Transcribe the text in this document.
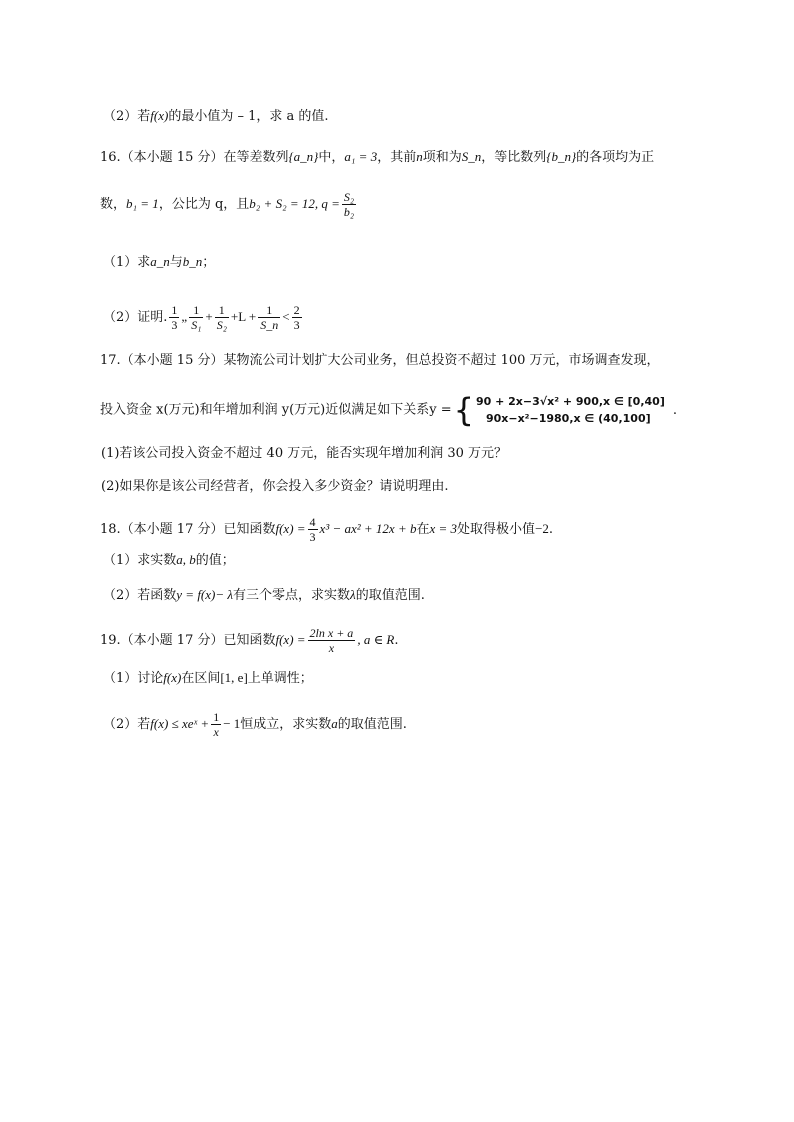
（2）若f(x)的最小值为 – 1，求 a 的值.
16.（本小题 15 分）在等差数列{a_n}中，a₁ = 3，其前n项和为S_n，等比数列{b_n}的各项均为正
数，b₁ = 1，公比为 q，且b₂ + S₂ = 12, $q = \frac{\text{S₂}}{\text{b₂}}$
（1）求a_n与b_n；
（2）证明. $\frac{1}{3}$ „ $\frac{1}{\text{S₁}} + \frac{1}{\text{S₂}} +L + \frac{1}{S\_n} < \frac{2}{3}$
17.（本小题 15 分）某物流公司计划扩大公司业务，但总投资不超过 100 万元，市场调查发现，
投入资金 x(万元)和年增加利润 y(万元)近似满足如下关系y ={ 90 + 2x−3√x² + 900,x ∈ [0,40]
90x−x²−1980,x ∈ (40,100]
.
(1)若该公司投入资金不超过 40 万元，能否实现年增加利润 30 万元？
(2)如果你是该公司经营者，你会投入多少资金？请说明理由.
18.（本小题 17 分）已知函数$f(x) = \frac{4}{3} x^3 - ax^2 + 12x + b$在x = 3处取得极小值−2.
（1）求实数a, b的值；
（2）若函数y = f(x)− λ有三个零点，求实数λ的取值范围.
19.（本小题 17 分）已知函数$f(x) = \frac{\text{2ln x + a}}{x}$ , a ∈ R.
（1）讨论f(x)在区间[1, e]上单调性；
（2）若f(x) ≤ xeˣ + $\frac{1}{x} - 1$恒成立，求实数a的取值范围.
